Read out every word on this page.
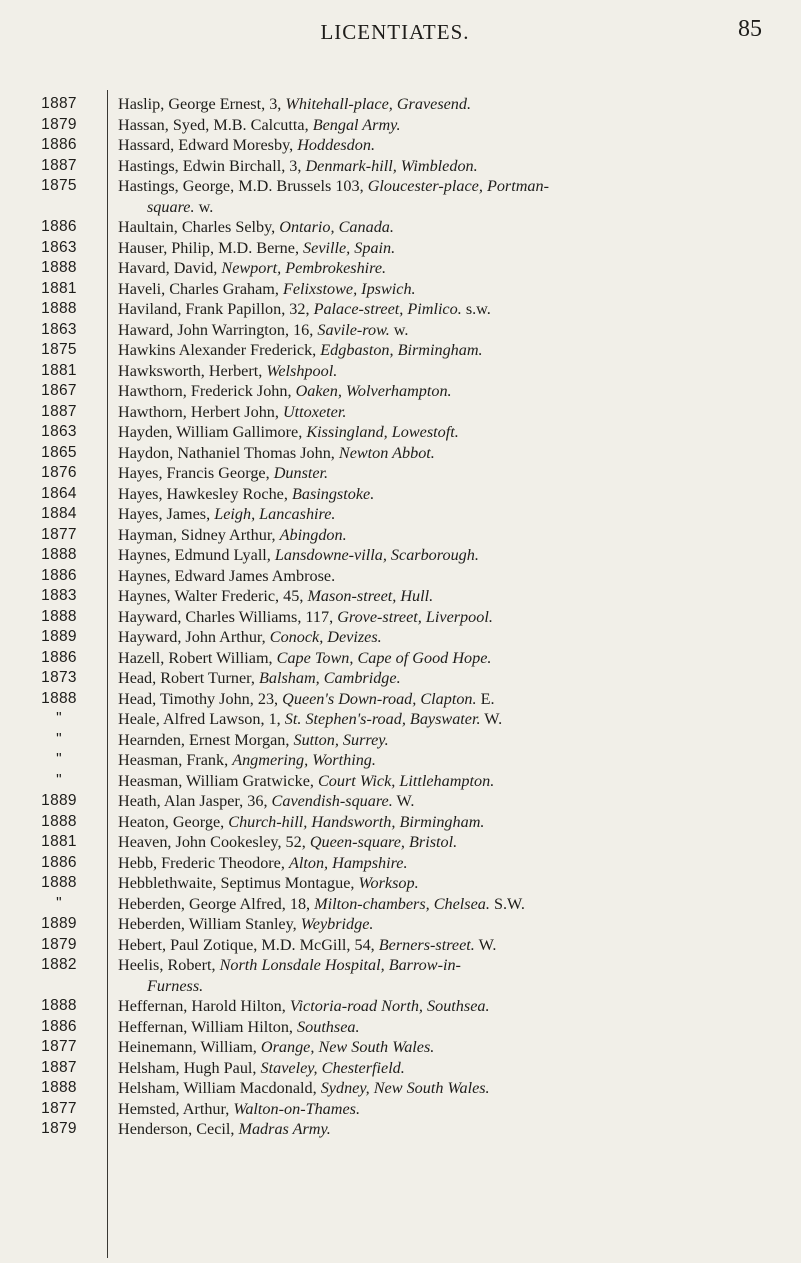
LICENTIATES.	85
1887	Haslip, George Ernest, 3, Whitehall-place, Gravesend.
1879	Hassan, Syed, M.B. Calcutta, Bengal Army.
1886	Hassard, Edward Moresby, Hoddesdon.
1887	Hastings, Edwin Birchall, 3, Denmark-hill, Wimbledon.
1875	Hastings, George, M.D. Brussels 103, Gloucester-place, Portman-
square. w.
1886	Haultain, Charles Selby, Ontario, Canada.
1863	Hauser, Philip, M.D. Berne, Seville, Spain.
1888	Havard, David, Newport, Pembrokeshire.
1881	Haveli, Charles Graham, Felixstowe, Ipswich.
1888	Haviland, Frank Papillon, 32, Palace-street, Pimlico. s.w.
1863	Haward, John Warrington, 16, Savile-row. w.
1875	Hawkins Alexander Frederick, Edgbaston, Birmingham.
1881	Hawksworth, Herbert, Welshpool.
1867	Hawthorn, Frederick John, Oaken, Wolverhampton.
1887	Hawthorn, Herbert John, Uttoxeter.
1863	Hayden, William Gallimore, Kissingland, Lowestoft.
1865	Haydon, Nathaniel Thomas John, Newton Abbot.
1876	Hayes, Francis George, Dunster.
1864	Hayes, Hawkesley Roche, Basingstoke.
1884	Hayes, James, Leigh, Lancashire.
1877	Hayman, Sidney Arthur, Abingdon.
1888	Haynes, Edmund Lyall, Lansdowne-villa, Scarborough.
1886	Haynes, Edward James Ambrose.
1883	Haynes, Walter Frederic, 45, Mason-street, Hull.
1888	Hayward, Charles Williams, 117, Grove-street, Liverpool.
1889	Hayward, John Arthur, Conock, Devizes.
1886	Hazell, Robert William, Cape Town, Cape of Good Hope.
1873	Head, Robert Turner, Balsham, Cambridge.
1888	Head, Timothy John, 23, Queen's Down-road, Clapton. E.
"	Heale, Alfred Lawson, 1, St. Stephen's-road, Bayswater. W.
"	Hearnden, Ernest Morgan, Sutton, Surrey.
"	Heasman, Frank, Angmering, Worthing.
"	Heasman, William Gratwicke, Court Wick, Littlehampton.
1889	Heath, Alan Jasper, 36, Cavendish-square. W.
1888	Heaton, George, Church-hill, Handsworth, Birmingham.
1881	Heaven, John Cookesley, 52, Queen-square, Bristol.
1886	Hebb, Frederic Theodore, Alton, Hampshire.
1888	Hebblethwaite, Septimus Montague, Worksop.
"	Heberden, George Alfred, 18, Milton-chambers, Chelsea. S.W.
1889	Heberden, William Stanley, Weybridge.
1879	Hebert, Paul Zotique, M.D. McGill, 54, Berners-street. W.
1882	Heelis, Robert, North Lonsdale Hospital, Barrow-in-
Furness.
1888	Heffernan, Harold Hilton, Victoria-road North, Southsea.
1886	Heffernan, William Hilton, Southsea.
1877	Heinemann, William, Orange, New South Wales.
1887	Helsham, Hugh Paul, Staveley, Chesterfield.
1888	Helsham, William Macdonald, Sydney, New South Wales.
1877	Hemsted, Arthur, Walton-on-Thames.
1879	Henderson, Cecil, Madras Army.
